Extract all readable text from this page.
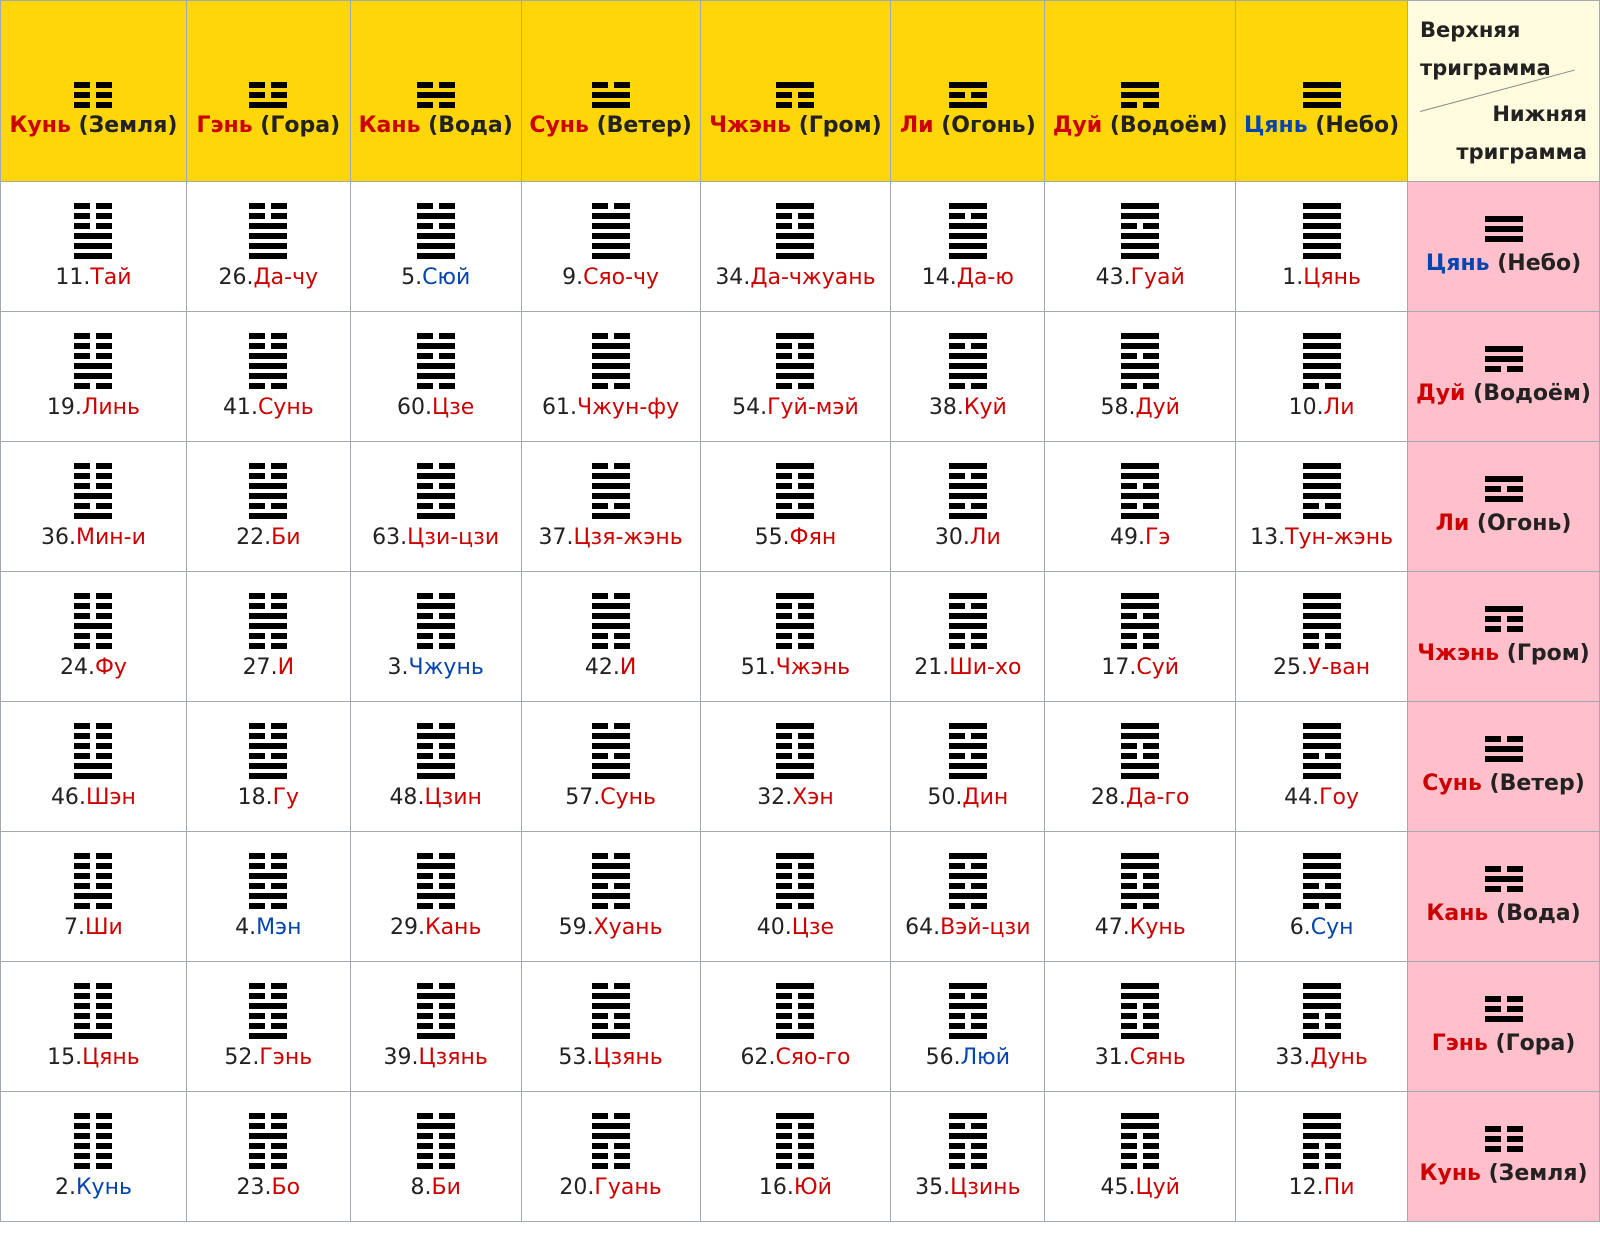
Кунь (Земля)	Гэнь (Гора)	Кань (Вода)	Сунь (Ветер)	Чжэнь (Гром)	Ли (Огонь)	Дуй (Водоём)	Цянь (Небо)	Верхняя
триграмма
Нижняя
триграмма

11.Тай	26.Да-чу	5.Сюй	9.Сяо-чу	34.Да-чжуань	14.Да-ю	43.Гуай	1.Цянь	Цянь (Небо)

19.Линь	41.Сунь	60.Цзе	61.Чжун-фу	54.Гуй-мэй	38.Куй	58.Дуй	10.Ли	Дуй (Водоём)

36.Мин-и	22.Би	63.Цзи-цзи	37.Цзя-жэнь	55.Фян	30.Ли	49.Гэ	13.Тун-жэнь	Ли (Огонь)

24.Фу	27.И	3.Чжунь	42.И	51.Чжэнь	21.Ши-хо	17.Суй	25.У-ван	Чжэнь (Гром)

46.Шэн	18.Гу	48.Цзин	57.Сунь	32.Хэн	50.Дин	28.Да-го	44.Гоу	Сунь (Ветер)

7.Ши	4.Мэн	29.Кань	59.Хуань	40.Цзе	64.Вэй-цзи	47.Кунь	6.Сун	Кань (Вода)

15.Цянь	52.Гэнь	39.Цзянь	53.Цзянь	62.Сяо-го	56.Люй	31.Сянь	33.Дунь	Гэнь (Гора)

2.Кунь	23.Бо	8.Би	20.Гуань	16.Юй	35.Цзинь	45.Цуй	12.Пи	Кунь (Земля)
